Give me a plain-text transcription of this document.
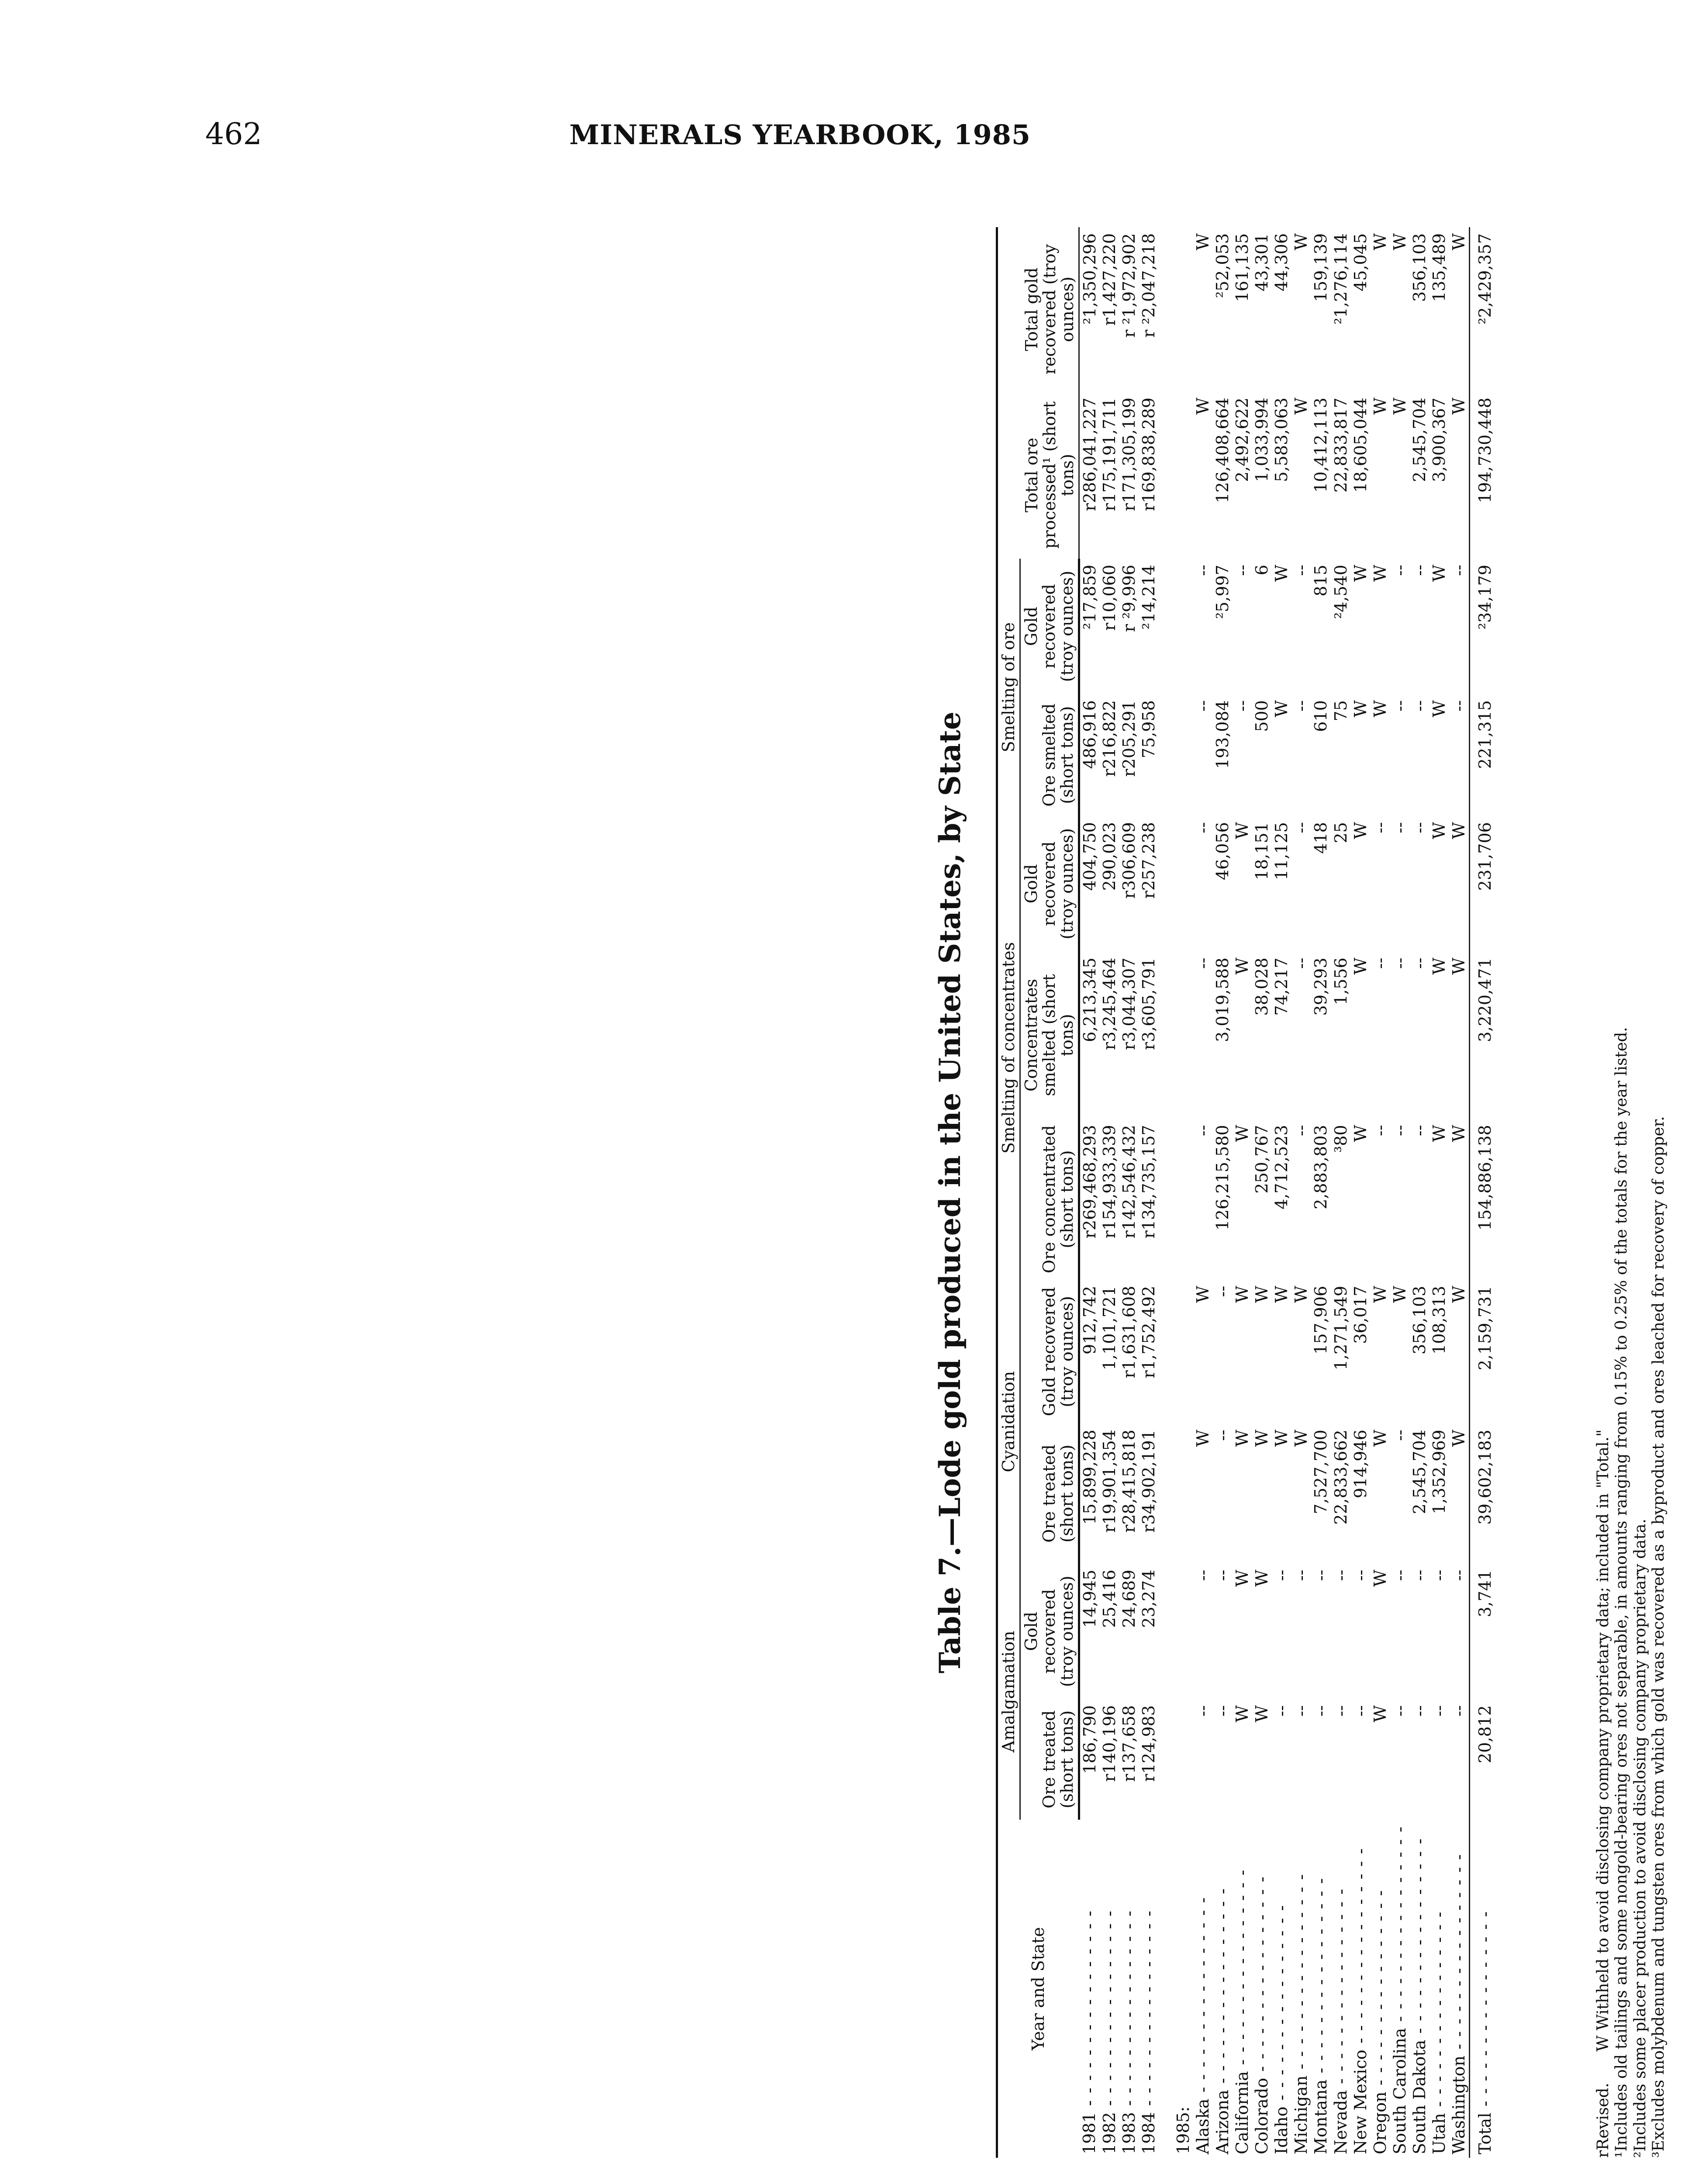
462	MINERALS YEARBOOK, 1985
Table 7.—Lode gold produced in the United States, by State
Year and State	Amalgamation		Cyanidation		Smelting of concentrates			Smelting of ore		Total ore processed¹ (short tons)	Total gold recovered (troy ounces)
	Ore treated (short tons)	Gold recovered (troy ounces)	Ore treated (short tons)	Gold recovered (troy ounces)	Ore concentrated (short tons)	Concentrates smelted (short tons)	Gold recovered (troy ounces)	Ore smelted (short tons)	Gold recovered (troy ounces)		
1981 - - -	186,790	14,945	15,899,228	912,742	r269,468,293	6,213,345	404,750	486,916	²17,859	r286,041,227	²1,350,296
1982 - - -	r140,196	25,416	r19,901,354	1,101,721	r154,933,339	r3,245,464	290,023	r216,822	r10,060	r175,191,711	r1,427,220
1983 - - -	r137,658	24,689	r28,415,818	r1,631,608	r142,546,432	r3,044,307	r306,609	r205,291	r ²9,996	r171,305,199	r ²1,972,902
1984 - - -	r124,983	23,274	r34,902,191	r1,752,492	r134,735,157	r3,605,791	r257,238	75,958	²14,214	r169,838,289	r ²2,047,218

1985:											
Alaska - - -	--	--	W	W	--	--	--	--	--	W	W
Arizona - - -	--	--	--	--	126,215,580	3,019,588	46,056	193,084	²5,997	126,408,664	²52,053
California - - -	W	W	W	W	W	W	W	--	--	2,492,622	161,135
Colorado - - -	W	W	W	W	250,767	38,028	18,151	500	6	1,033,994	43,301
Idaho - - -	--	--	W	W	4,712,523	74,217	11,125	W	W	5,583,063	44,306
Michigan - - -	--	--	W	W	--	--	--	--	--	W	W
Montana - - -	--	--	7,527,700	157,906	2,883,803	39,293	418	610	815	10,412,113	159,139
Nevada - - -	--	--	22,833,662	1,271,549	³80	1,556	25	75	²4,540	22,833,817	²1,276,114
New Mexico - - -	--	--	914,946	36,017	W	W	W	W	W	18,605,044	45,045
Oregon - - -	W	W	W	W	--	--	--	W	W	W	W
South Carolina - - -	--	--	--	W	--	--	--	--	--	W	W
South Dakota - - -	--	--	2,545,704	356,103	--	--	--	--	--	2,545,704	356,103
Utah - - -	--	--	1,352,969	108,313	W	W	W	W	W	3,900,367	135,489
Washington - - -	--	--	W	W	W	W	W	--	--	W	W
Total - - -	20,812	3,741	39,602,183	2,159,731	154,886,138	3,220,471	231,706	221,315	²34,179	194,730,448	²2,429,357
rRevised. W Withheld to avoid disclosing company proprietary data; included in "Total." ¹Includes old tailings and some nongold-bearing ores not separable, in amounts ranging from 0.15% to 0.25% of the totals for the year listed. ²Includes some placer production to avoid disclosing company proprietary data. ³Excludes molybdenum and tungsten ores from which gold was recovered as a byproduct and ores leached for recovery of copper.
